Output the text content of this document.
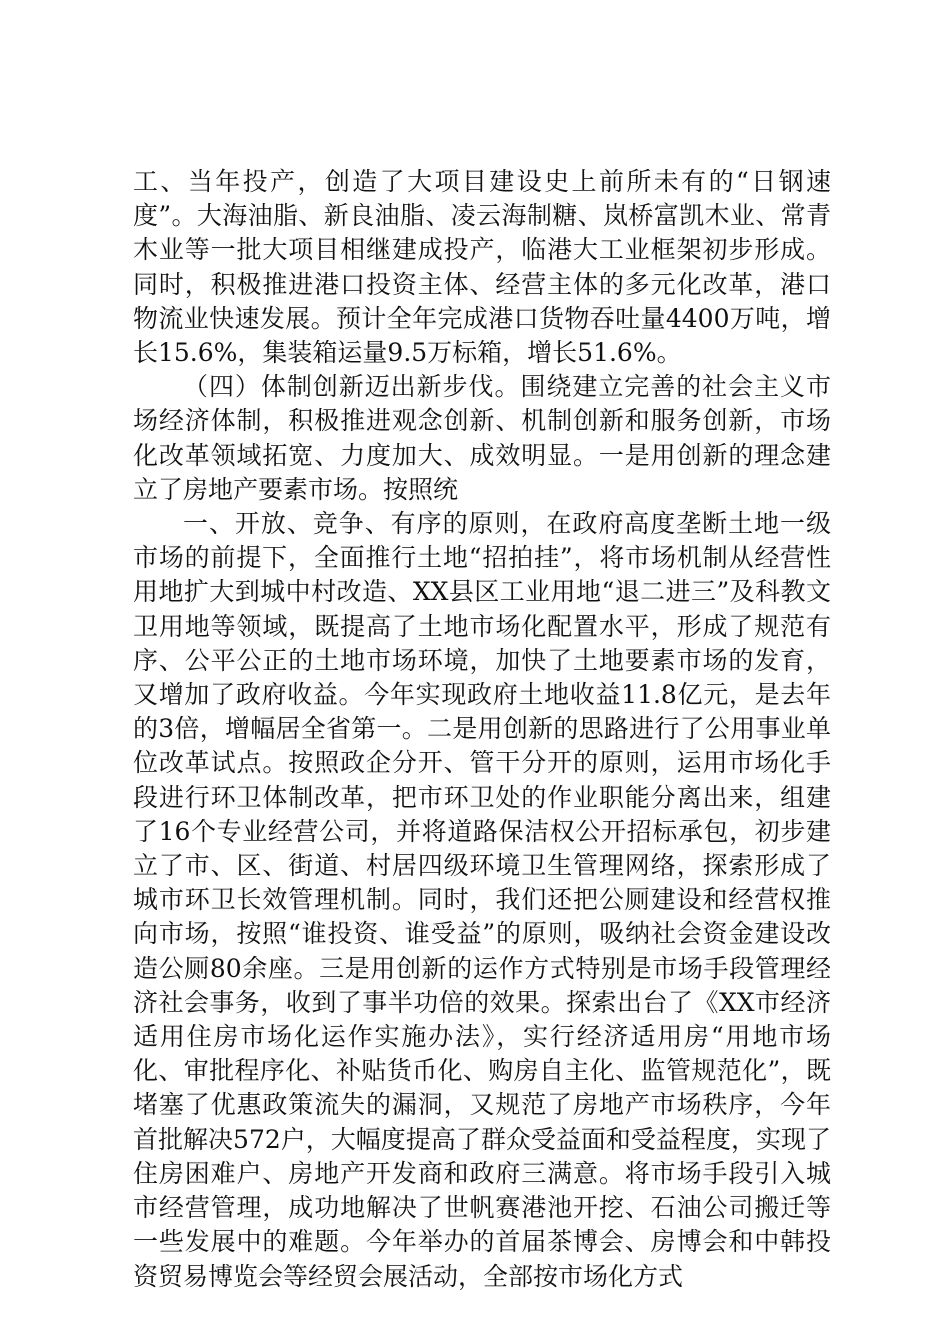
工、当年投产，创造了大项目建设史上前所未有的“日钢速度”。大海油脂、新良油脂、凌云海制糖、岚桥富凯木业、常青木业等一批大项目相继建成投产，临港大工业框架初步形成。同时，积极推进港口投资主体、经营主体的多元化改革，港口物流业快速发展。预计全年完成港口货物吞吐量4400万吨，增长15.6%，集装箱运量9.5万标箱，增长51.6%。

（四）体制创新迈出新步伐。围绕建立完善的社会主义市场经济体制，积极推进观念创新、机制创新和服务创新，市场化改革领域拓宽、力度加大、成效明显。一是用创新的理念建立了房地产要素市场。按照统

一、开放、竞争、有序的原则，在政府高度垄断土地一级市场的前提下，全面推行土地“招拍挂”，将市场机制从经营性用地扩大到城中村改造、XX县区工业用地“退二进三”及科教文卫用地等领域，既提高了土地市场化配置水平，形成了规范有序、公平公正的土地市场环境，加快了土地要素市场的发育，又增加了政府收益。今年实现政府土地收益11.8亿元，是去年的3倍，增幅居全省第一。二是用创新的思路进行了公用事业单位改革试点。按照政企分开、管干分开的原则，运用市场化手段进行环卫体制改革，把市环卫处的作业职能分离出来，组建了16个专业经营公司，并将道路保洁权公开招标承包，初步建立了市、区、街道、村居四级环境卫生管理网络，探索形成了城市环卫长效管理机制。同时，我们还把公厕建设和经营权推向市场，按照“谁投资、谁受益”的原则，吸纳社会资金建设改造公厕80余座。三是用创新的运作方式特别是市场手段管理经济社会事务，收到了事半功倍的效果。探索出台了《XX市经济适用住房市场化运作实施办法》，实行经济适用房“用地市场化、审批程序化、补贴货币化、购房自主化、监管规范化”，既堵塞了优惠政策流失的漏洞，又规范了房地产市场秩序，今年首批解决572户，大幅度提高了群众受益面和受益程度，实现了住房困难户、房地产开发商和政府三满意。将市场手段引入城市经营管理，成功地解决了世帆赛港池开挖、石油公司搬迁等一些发展中的难题。今年举办的首届茶博会、房博会和中韩投资贸易博览会等经贸会展活动，全部按市场化方式
